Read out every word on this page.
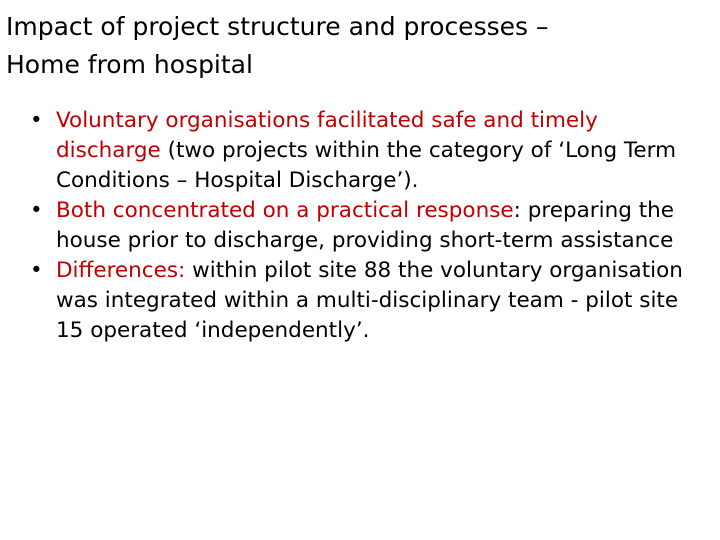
Impact of project structure and processes –
Home from hospital
• Voluntary organisations facilitated safe and timely discharge (two projects within the category of ‘Long Term Conditions – Hospital Discharge’).
• Both concentrated on a practical response: preparing the house prior to discharge, providing short-term assistance
• Differences: within pilot site 88 the voluntary organisation was integrated within a multi-disciplinary team - pilot site 15 operated ‘independently’.
